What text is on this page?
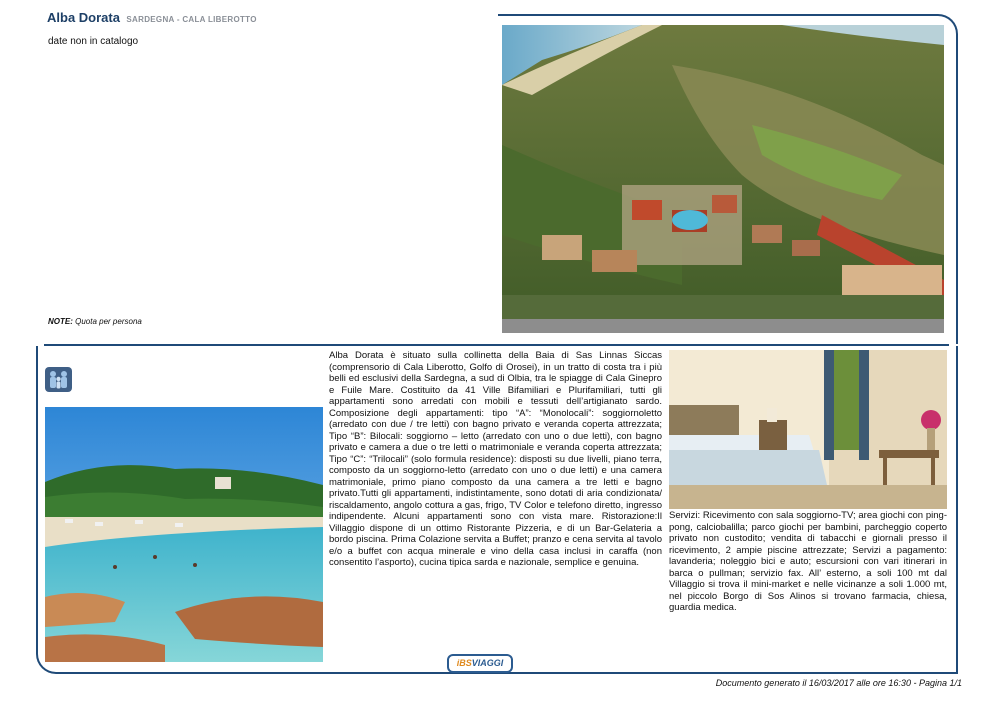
Alba Dorata SARDEGNA - CALA LIBEROTTO
date non in catalogo
NOTE: Quota per persona
Alba Dorata è situato sulla collinetta della Baia di Sas Linnas Siccas (comprensorio di Cala Liberotto, Golfo di Orosei), in un tratto di costa tra i più belli ed esclusivi della Sardegna, a sud di Olbia, tra le spiagge di Cala Ginepro e Fuile Mare. Costituito da 41 Ville Bifamiliari e Plurifamiliari, tutti gli appartamenti sono arredati con mobili e tessuti dell’artigianato sardo. Composizione degli appartamenti: tipo “A”: “Monolocali”: soggiornoletto (arredato con due / tre letti) con bagno privato e veranda coperta attrezzata; Tipo “B”: Bilocali: soggiorno – letto (arredato con uno o due letti), con bagno privato e camera a due o tre letti o matrimoniale e veranda coperta attrezzata; Tipo “C”: “Trilocali” (solo formula residence): disposti su due livelli, piano terra, composto da un soggiorno-letto (arredato con uno o due letti) e una camera matrimoniale, primo piano composto da una camera a tre letti e bagno privato.Tutti gli appartamenti, indistintamente, sono dotati di aria condizionata/ riscaldamento, angolo cottura a gas, frigo, TV Color e telefono diretto, ingresso indipendente. Alcuni appartamenti sono con vista mare. Ristorazione:Il Villaggio dispone di un ottimo Ristorante Pizzeria, e di un Bar-Gelateria a bordo piscina. Prima Colazione servita a Buffet; pranzo e cena servita al tavolo e/o a buffet con acqua minerale e vino della casa inclusi in caraffa (non consentito l’asporto), cucina tipica sarda e nazionale, semplice e genuina.
Servizi: Ricevimento con sala soggiorno-TV; area giochi con ping-pong, calciobalilla; parco giochi per bambini, parcheggio coperto privato non custodito; vendita di tabacchi e giornali presso il ricevimento, 2 ampie piscine attrezzate; Servizi a pagamento: lavanderia; noleggio bici e auto; escursioni con vari itinerari in barca o pullman; servizio fax. All’ esterno, a soli 100 mt dal Villaggio si trova il mini-market e nelle vicinanze a soli 1.000 mt, nel piccolo Borgo di Sos Alinos si trovano farmacia, chiesa, guardia medica.
iBSVIAGGI
Documento generato il 16/03/2017 alle ore 16:30 - Pagina 1/1
